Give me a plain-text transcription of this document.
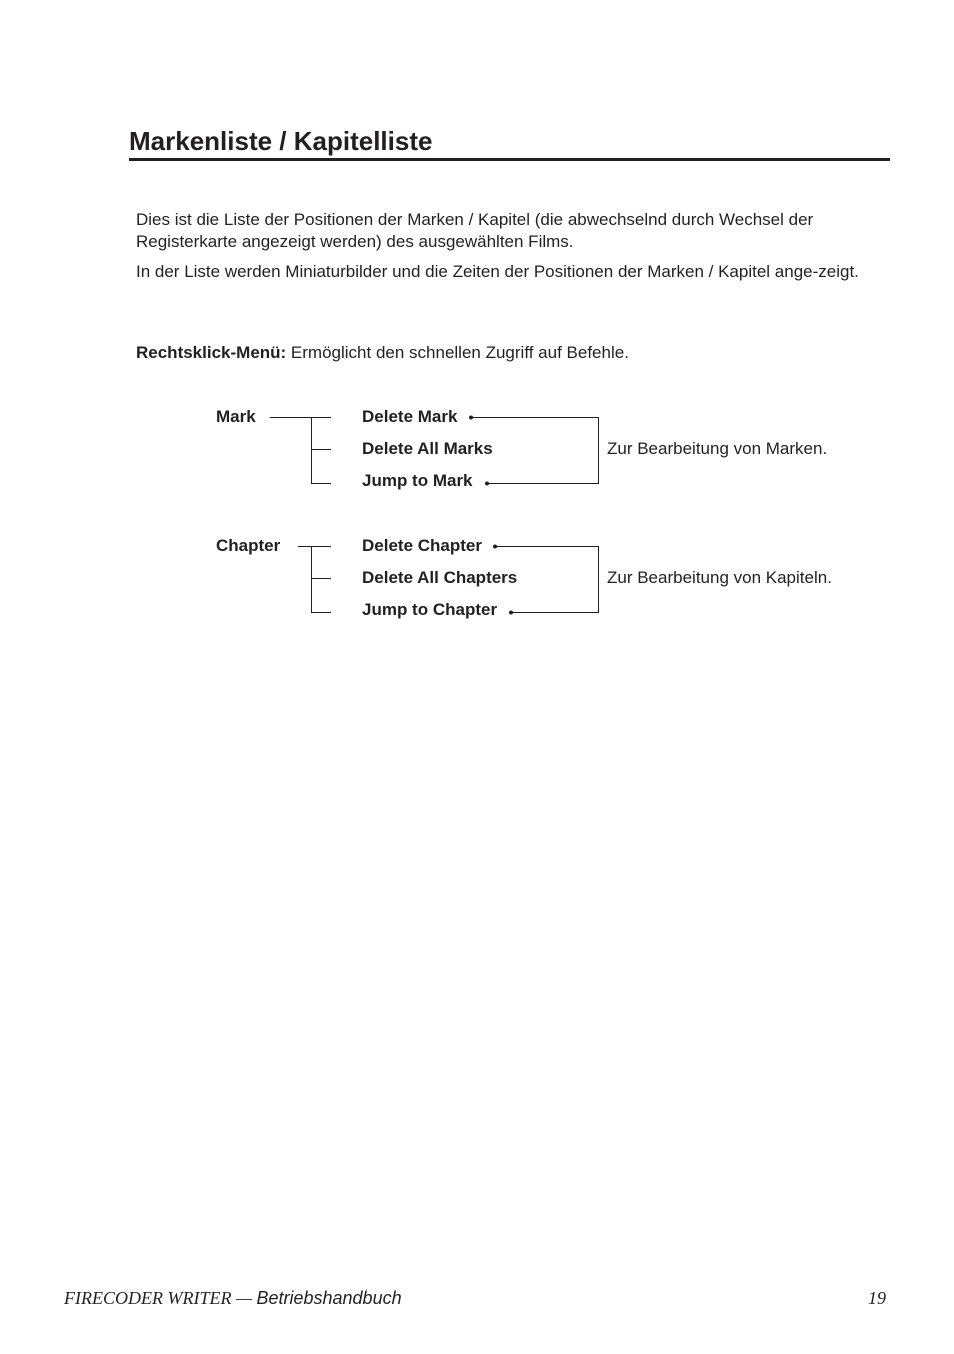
Markenliste / Kapitelliste

Dies ist die Liste der Positionen der Marken / Kapitel (die abwechselnd durch Wechsel der Registerkarte angezeigt werden) des ausgewählten Films.

In der Liste werden Miniaturbilder und die Zeiten der Positionen der Marken / Kapitel ange-zeigt.

Rechtsklick-Menü: Ermöglicht den schnellen Zugriff auf Befehle.

Mark	Delete Mark
Delete All Marks
Jump to Mark
Zur Bearbeitung von Marken.
Chapter	Delete Chapter
Delete All Chapters
Jump to Chapter
Zur Bearbeitung von Kapiteln.
FIRECODER WRITER — Betriebshandbuch	19
